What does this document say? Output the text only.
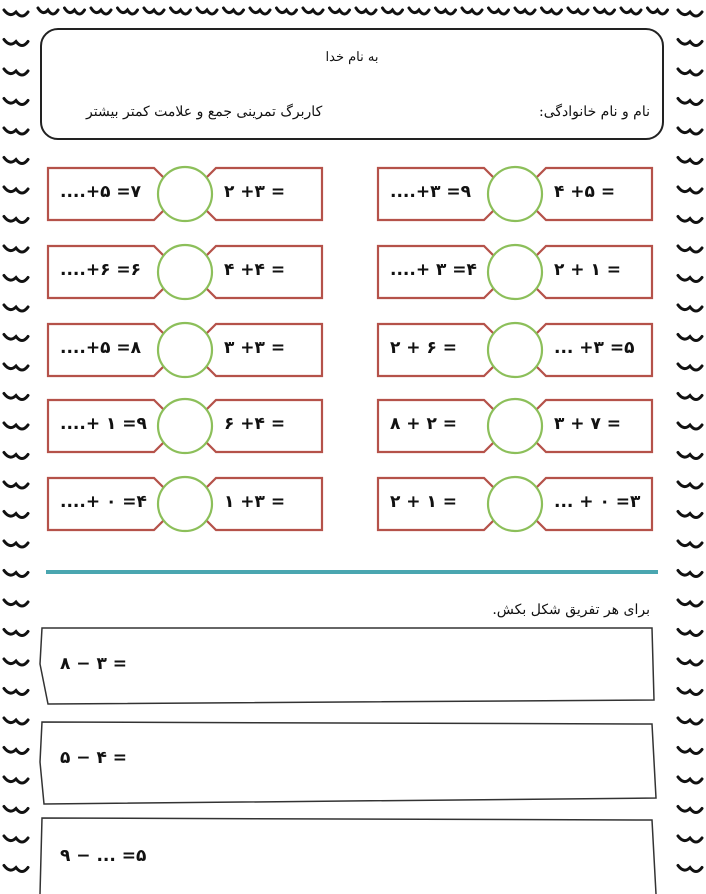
به نام خدا
نام و نام خانوادگی:
کاربرگ تمرینی جمع و علامت کمتر بیشتر
....+۵ =۷	۲ +۳ =
....+۶ =۶	۴ +۴ =
....+۵ =۸	۳ +۳ =
....+ ۱ =۹	۶ +۴ =
....+ ۰ =۴	۱ +۳ =
....+۳ =۹	۴ +۵ =
....+ ۳ =۴	۲ + ۱ =
۲ + ۶ =	... +۳ =۵
۸ + ۲ =	۳ + ۷ =
۲ + ۱ =	... + ۰ =۳
برای هر تفریق شکل بکش.
۸ − ۳ =
۵ − ۴ =
۹ − ... =۵
